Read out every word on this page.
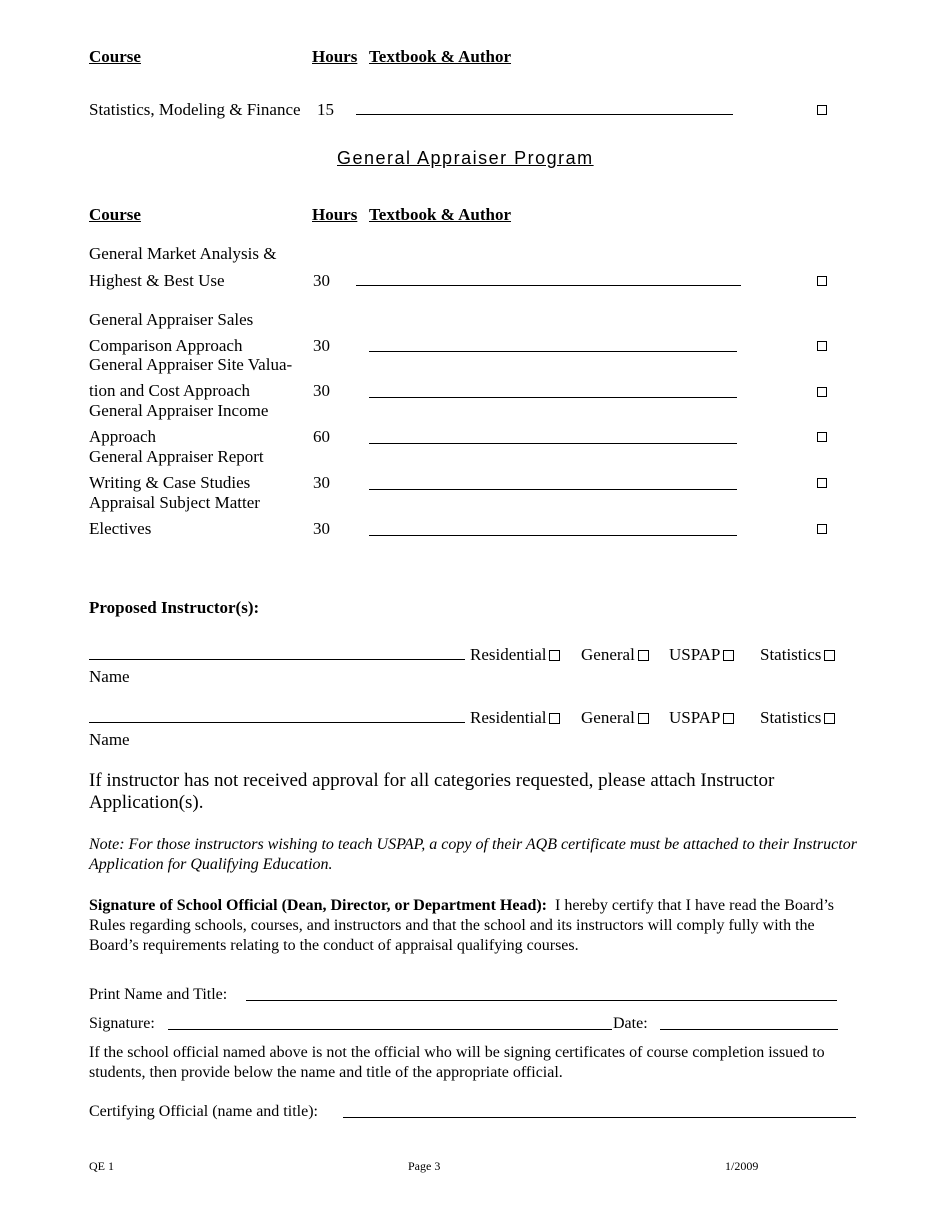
Course	Hours Textbook & Author
Statistics, Modeling & Finance 15
General Appraiser Program
Course	Hours Textbook & Author
General Market Analysis &
Highest & Best Use	30
General Appraiser Sales
Comparison Approach	30
General Appraiser Site Valua-
tion and Cost Approach	30
General Appraiser Income
Approach	60
General Appraiser Report
Writing & Case Studies	30
Appraisal Subject Matter
Electives	30
Proposed Instructor(s):
Residential	General	USPAP	Statistics
Name
Residential	General	USPAP	Statistics
Name
If instructor has not received approval for all categories requested, please attach Instructor Application(s).
Note: For those instructors wishing to teach USPAP, a copy of their AQB certificate must be attached to their Instructor Application for Qualifying Education.
Signature of School Official (Dean, Director, or Department Head): I hereby certify that I have read the Board’s Rules regarding schools, courses, and instructors and that the school and its instructors will comply fully with the Board’s requirements relating to the conduct of appraisal qualifying courses.
Print Name and Title:
Signature:	Date:
If the school official named above is not the official who will be signing certificates of course completion issued to students, then provide below the name and title of the appropriate official.
Certifying Official (name and title):
QE 1	Page 3	1/2009
